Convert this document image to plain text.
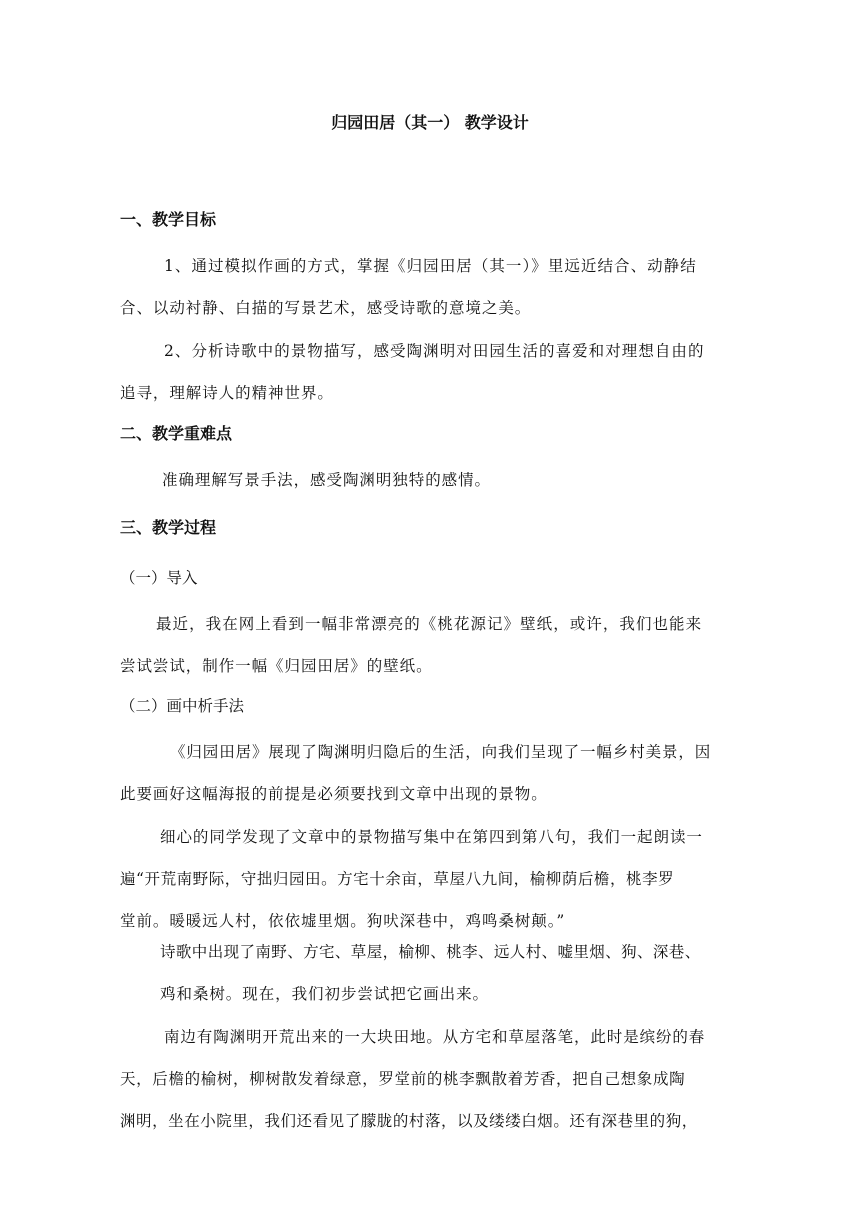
归园田居（其一） 教学设计
一、教学目标
1、通过模拟作画的方式，掌握《归园田居（其一）》里远近结合、动静结
合、以动衬静、白描的写景艺术，感受诗歌的意境之美。
2、分析诗歌中的景物描写，感受陶渊明对田园生活的喜爱和对理想自由的
追寻，理解诗人的精神世界。
二、教学重难点
准确理解写景手法，感受陶渊明独特的感情。
三、教学过程
（一）导入
最近，我在网上看到一幅非常漂亮的《桃花源记》壁纸，或许，我们也能来
尝试尝试，制作一幅《归园田居》的壁纸。
（二）画中析手法
《归园田居》展现了陶渊明归隐后的生活，向我们呈现了一幅乡村美景，因
此要画好这幅海报的前提是必须要找到文章中出现的景物。
细心的同学发现了文章中的景物描写集中在第四到第八句，我们一起朗读一
遍“开荒南野际，守拙归园田。方宅十余亩，草屋八九间，榆柳荫后檐，桃李罗
堂前。暖暖远人村，依依墟里烟。狗吠深巷中，鸡鸣桑树颠。”
诗歌中出现了南野、方宅、草屋，榆柳、桃李、远人村、嘘里烟、狗、深巷、
鸡和桑树。现在，我们初步尝试把它画出来。
南边有陶渊明开荒出来的一大块田地。从方宅和草屋落笔，此时是缤纷的春
天，后檐的榆树，柳树散发着绿意，罗堂前的桃李飘散着芳香，把自己想象成陶
渊明，坐在小院里，我们还看见了朦胧的村落，以及缕缕白烟。还有深巷里的狗，
